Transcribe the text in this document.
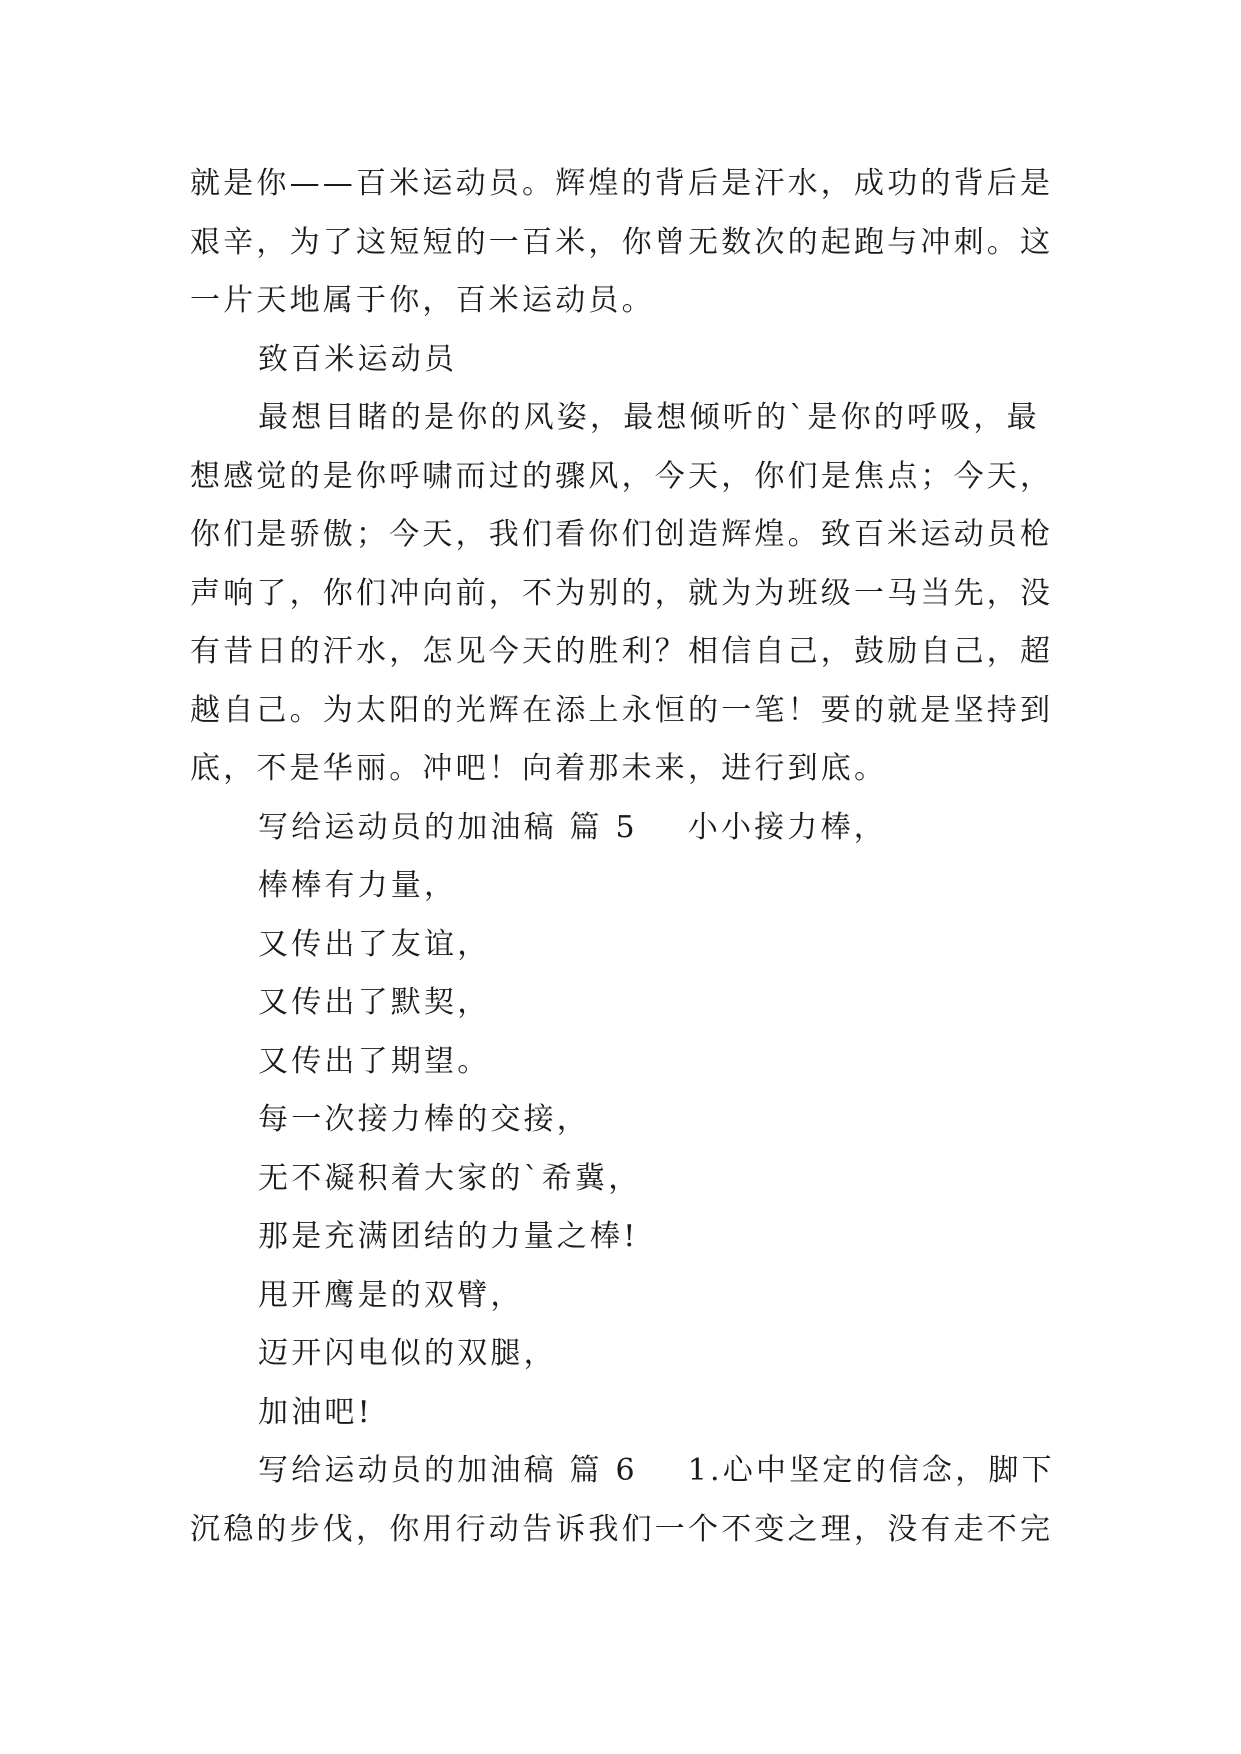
就是你——百米运动员。辉煌的背后是汗水，成功的背后是
艰辛，为了这短短的一百米，你曾无数次的起跑与冲刺。这
一片天地属于你，百米运动员。
致百米运动员
最想目睹的是你的风姿，最想倾听的`是你的呼吸，最
想感觉的是你呼啸而过的骤风，今天，你们是焦点；今天，
你们是骄傲；今天，我们看你们创造辉煌。致百米运动员枪
声响了，你们冲向前，不为别的，就为为班级一马当先，没
有昔日的汗水，怎见今天的胜利？相信自己，鼓励自己，超
越自己。为太阳的光辉在添上永恒的一笔！要的就是坚持到
底，不是华丽。冲吧！向着那未来，进行到底。
写给运动员的加油稿 篇 5 小小接力棒，
棒棒有力量，
又传出了友谊，
又传出了默契，
又传出了期望。
每一次接力棒的交接，
无不凝积着大家的`希冀，
那是充满团结的力量之棒!
甩开鹰是的双臂，
迈开闪电似的双腿，
加油吧!
写给运动员的加油稿 篇 6 1.心中坚定的信念，脚下
沉稳的步伐，你用行动告诉我们一个不变之理，没有走不完
